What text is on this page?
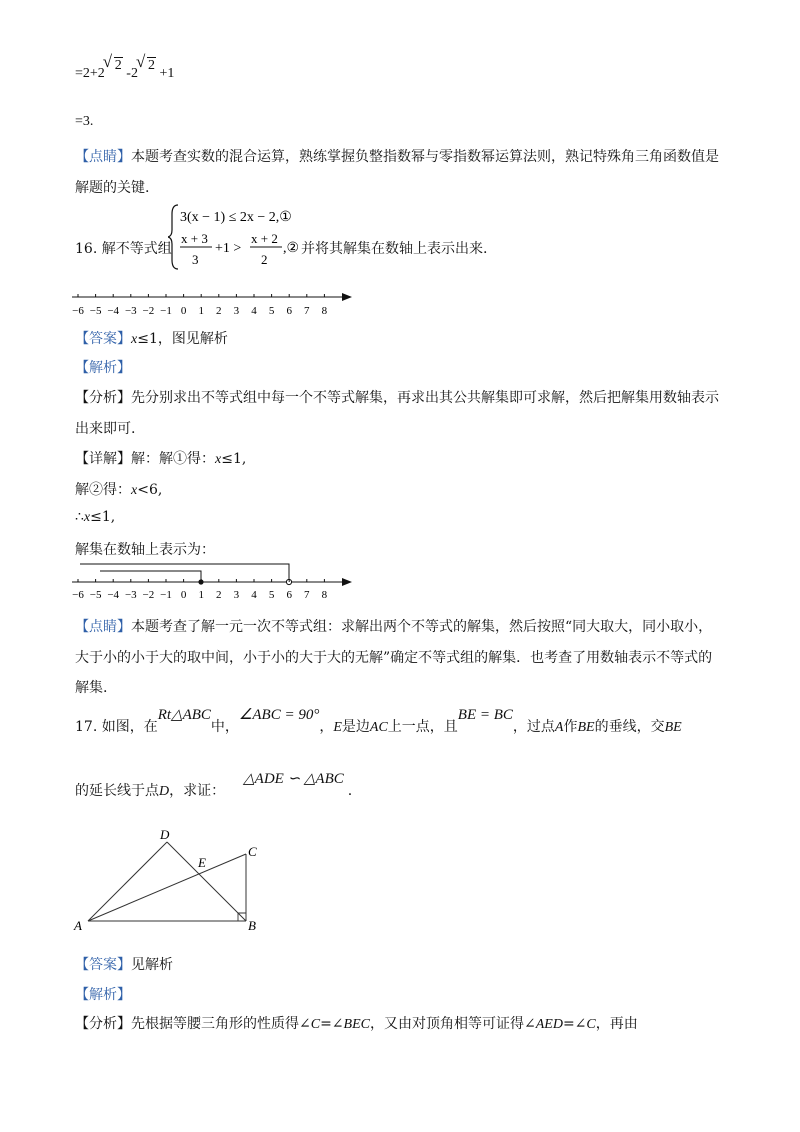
=2+2√ 2 -2√ 2 +1
=3.
【点睛】本题考查实数的混合运算，熟练掌握负整指数幂与零指数幂运算法则，熟记特殊角三角函数值是
解题的关键.
16. 解不等式组
3(x − 1) ≤ 2x − 2,①
x + 3
3
+1 >
x + 2
2
,② 并将其解集在数轴上表示出来.
−6 −5 −4 −3 −2 −1 0 1 2 3 4 5 6 7 8
【答案】x≤1，图见解析
【解析】
【分析】先分别求出不等式组中每一个不等式解集，再求出其公共解集即可求解，然后把解集用数轴表示
出来即可.
【详解】解：解①得：x≤1,
解②得：x<6,
∴x≤1,
解集在数轴上表示为：
−6 −5 −4 −3 −2 −1 0 1 2 3 4 5 6 7 8
【点睛】本题考查了解一元一次不等式组：求解出两个不等式的解集，然后按照“同大取大，同小取小，
大于小的小于大的取中间，小于小的大于大的无解”确定不等式组的解集．也考查了用数轴表示不等式的
解集.
17. 如图，在Rt△ABC中，∠ABC = 90°，E是边AC上一点，且BE = BC，过点A作BE的垂线，交BE
的延长线于点D，求证：△ADE ∽ △ABC.
A	B
C
D
E
【答案】见解析
【解析】
【分析】先根据等腰三角形的性质得∠C=∠BEC，又由对顶角相等可证得∠AED=∠C，再由
